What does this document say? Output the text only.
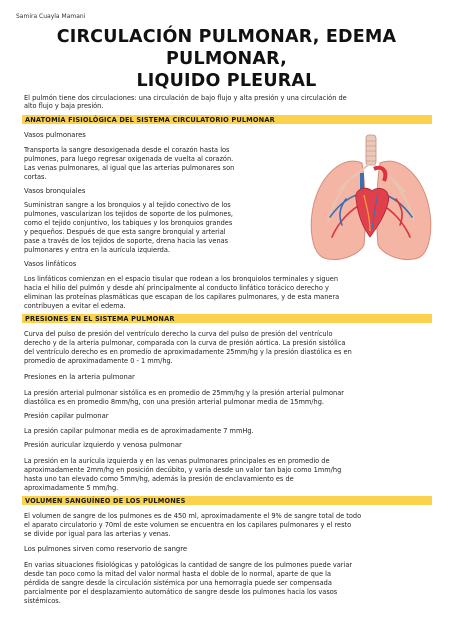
Samira Cuayla Mamani
CIRCULACIÓN PULMONAR, EDEMA PULMONAR,
LIQUIDO PLEURAL

El pulmón tiene dos circulaciones: una circulación de bajo flujo y alta presión y una circulación de

alto flujo y baja presión.

ANATOMÍA FISIOLÓGICA DEL SISTEMA CIRCULATORIO PULMONAR

Vasos pulmonares

Transporta la sangre desoxigenada desde el corazón hasta los

pulmones, para luego regresar oxigenada de vuelta al corazón.

Las venas pulmonares, al igual que las arterias pulmonares son

cortas.

Vasos bronquiales

Suministran sangre a los bronquios y al tejido conectivo de los

pulmones, vascularizan los tejidos de soporte de los pulmones,

como el tejido conjuntivo, los tabiques y los bronquios grandes

y pequeños. Después de que esta sangre bronquial y arterial

pase a través de los tejidos de soporte, drena hacia las venas

pulmonares y entra en la aurícula izquierda.

Vasos linfáticos

Los linfáticos comienzan en el espacio tisular que rodean a los bronquiolos terminales y siguen

hacia el hilio del pulmón y desde ahí principalmente al conducto linfático torácico derecho y

eliminan las proteínas plasmáticas que escapan de los capilares pulmonares, y de esta manera

contribuyen a evitar el edema.

PRESIONES EN EL SISTEMA PULMONAR

Curva del pulso de presión del ventrículo derecho la curva del pulso de presión del ventrículo

derecho y de la arteria pulmonar, comparada con la curva de presión aórtica. La presión sistólica

del ventrículo derecho es en promedio de aproximadamente 25mm/hg y la presión diastólica es en

promedio de aproximadamente 0 - 1 mm/hg.

Presiones en la arteria pulmonar

La presión arterial pulmonar sistólica es en promedio de 25mm/hg y la presión arterial pulmonar

diastólica es en promedio 8mm/hg, con una presión arterial pulmonar media de 15mm/hg.

Presión capilar pulmonar

La presión capilar pulmonar media es de aproximadamente 7 mmHg.

Presión auricular izquierdo y venosa pulmonar

La presión en la aurícula izquierda y en las venas pulmonares principales es en promedio de

aproximadamente 2mm/hg en posición decúbito, y varía desde un valor tan bajo como 1mm/hg

hasta uno tan elevado como 5mm/hg, además la presión de enclavamiento es de

aproximadamente 5 mm/hg.

VOLUMEN SANGUÍNEO DE LOS PULMONES

El volumen de sangre de los pulmones es de 450 ml, aproximadamente el 9% de sangre total de todo

el aparato circulatorio y 70ml de este volumen se encuentra en los capilares pulmonares y el resto

se divide por igual para las arterias y venas.

Los pulmones sirven como reservorio de sangre

En varias situaciones fisiológicas y patológicas la cantidad de sangre de los pulmones puede variar

desde tan poco como la mitad del valor normal hasta el doble de lo normal, aparte de que la

pérdida de sangre desde la circulación sistémica por una hemorragia puede ser compensada

parcialmente por el desplazamiento automático de sangre desde los pulmones hacia los vasos

sistémicos.
